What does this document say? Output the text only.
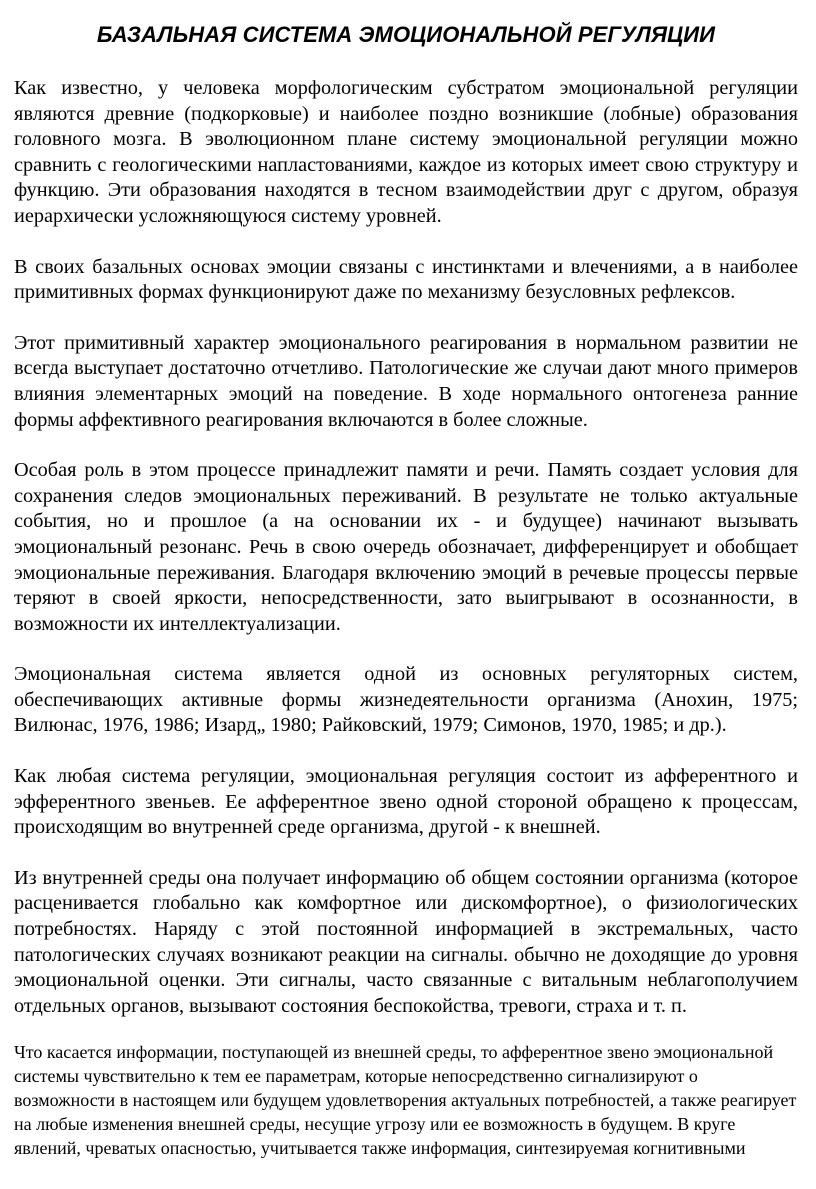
БАЗАЛЬНАЯ СИСТЕМА ЭМОЦИОНАЛЬНОЙ РЕГУЛЯЦИИ

Как известно, у человека морфологическим субстратом эмоциональной регуляции являются древние (подкорковые) и наиболее поздно возникшие (лобные) образования головного мозга. В эволюционном плане систему эмоциональной регуляции можно сравнить с геологическими напластованиями, каждое из которых имеет свою структуру и функцию. Эти образования находятся в тесном взаимодействии друг с другом, образуя иерархически усложняющуюся систему уровней.

В своих базальных основах эмоции связаны с инстинктами и влечениями, а в наиболее примитивных формах функционируют даже по механизму безусловных рефлексов.

Этот примитивный характер эмоционального реагирования в нормальном развитии не всегда выступает достаточно отчетливо. Патологические же случаи дают много примеров влияния элементарных эмоций на поведение. В ходе нормального онтогенеза ранние формы аффективного реагирования включаются в более сложные.

Особая роль в этом процессе принадлежит памяти и речи. Память создает условия для сохранения следов эмоциональных переживаний. В результате не только актуальные события, но и прошлое (а на основании их - и будущее) начинают вызывать эмоциональный резонанс. Речь в свою очередь обозначает, дифференцирует и обобщает эмоциональные переживания. Благодаря включению эмоций в речевые процессы первые теряют в своей яркости, непосредственности, зато выигрывают в осознанности, в возможности их интеллектуализации.

Эмоциональная система является одной из основных регуляторных систем, обеспечивающих активные формы жизнедеятельности организма (Анохин, 1975; Вилюнас, 1976, 1986; Изард„ 1980; Райковский, 1979; Симонов, 1970, 1985; и др.).

Как любая система регуляции, эмоциональная регуляция состоит из афферентного и эфферентного звеньев. Ее афферентное звено одной стороной обращено к процессам, происходящим во внутренней среде организма, другой - к внешней.

Из внутренней среды она получает информацию об общем состоянии организма (которое расценивается глобально как комфортное или дискомфортное), о физиологических потребностях. Наряду с этой постоянной информацией в экстремальных, часто патологических случаях возникают реакции на сигналы. обычно не доходящие до уровня эмоциональной оценки. Эти сигналы, часто связанные с витальным неблагополучием отдельных органов, вызывают состояния беспокойства, тревоги, страха и т. п.

Что касается информации, поступающей из внешней среды, то афферентное звено эмоциональной системы чувствительно к тем ее параметрам, которые непосредственно сигнализируют о возможности в настоящем или будущем удовлетворения актуальных потребностей, а также реагирует на любые изменения внешней среды, несущие угрозу или ее возможность в будущем. В круге явлений, чреватых опасностью, учитывается также информация, синтезируемая когнитивными
